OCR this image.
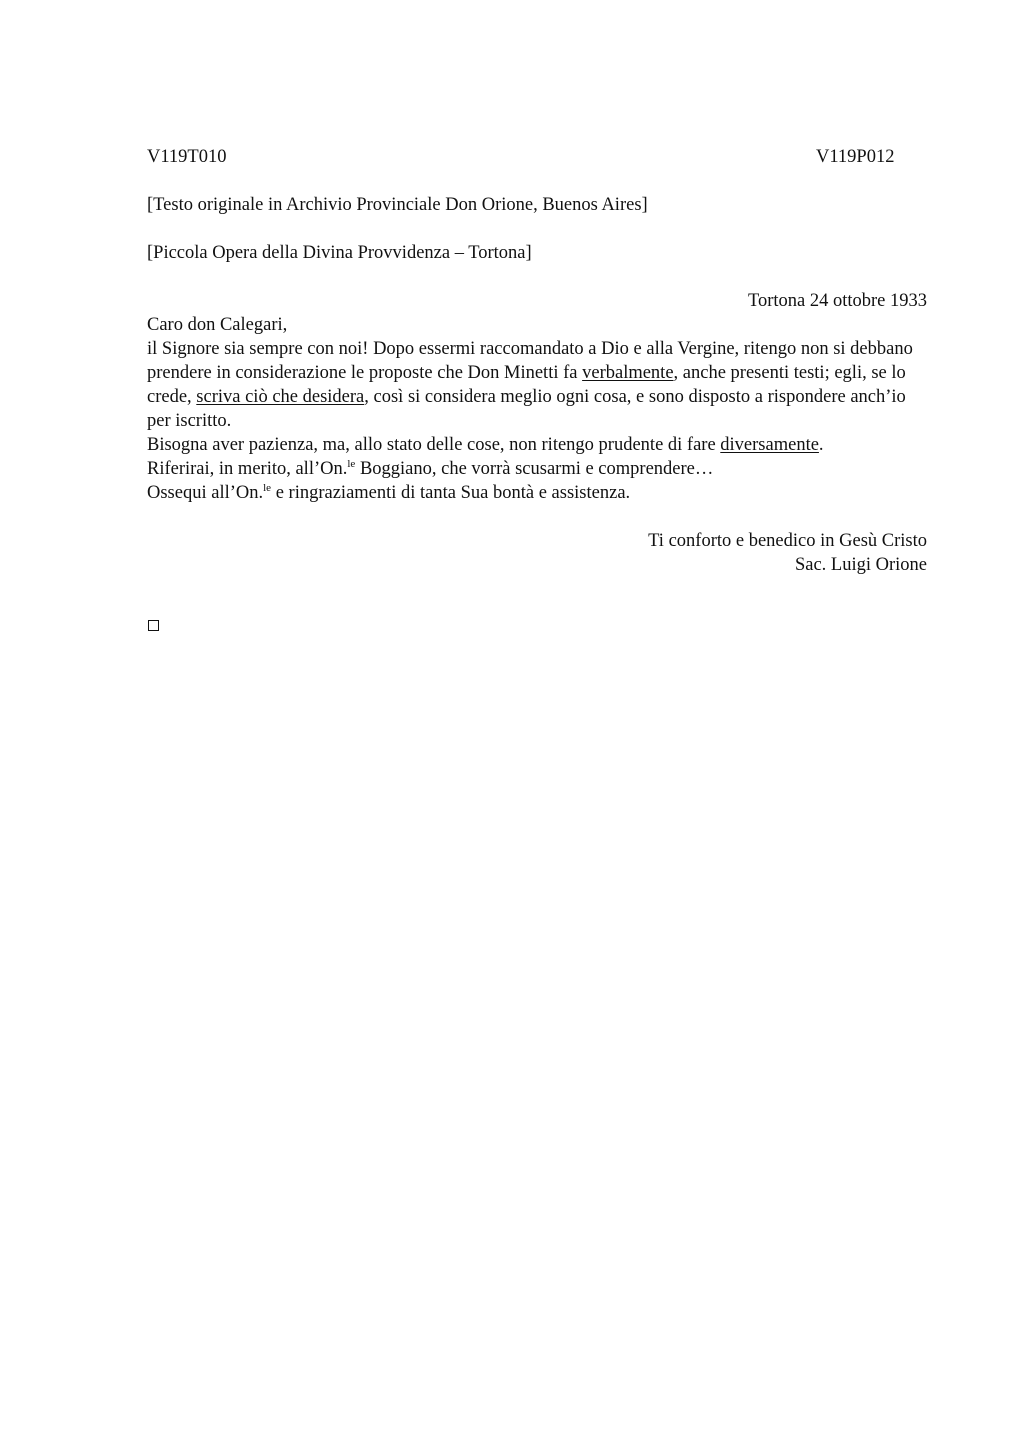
V119T010	V119P012
[Testo originale in Archivio Provinciale Don Orione, Buenos Aires]
[Piccola Opera della Divina Provvidenza – Tortona]
Tortona 24 ottobre 1933

Caro don Calegari,

il Signore sia sempre con noi! Dopo essermi raccomandato a Dio e alla Vergine, ritengo non si debbano prendere in considerazione le proposte che Don Minetti fa verbalmente, anche presenti testi; egli, se lo crede, scriva ciò che desidera, così si considera meglio ogni cosa, e sono disposto a rispondere anch’io per iscritto.

Bisogna aver pazienza, ma, allo stato delle cose, non ritengo prudente di fare diversamente.

Riferirai, in merito, all’On.$^{le}$ Boggiano, che vorrà scusarmi e comprendere…

Ossequi all’On.$^{le}$ e ringraziamenti di tanta Sua bontà e assistenza.

Ti conforto e benedico in Gesù Cristo
Sac. Luigi Orione
